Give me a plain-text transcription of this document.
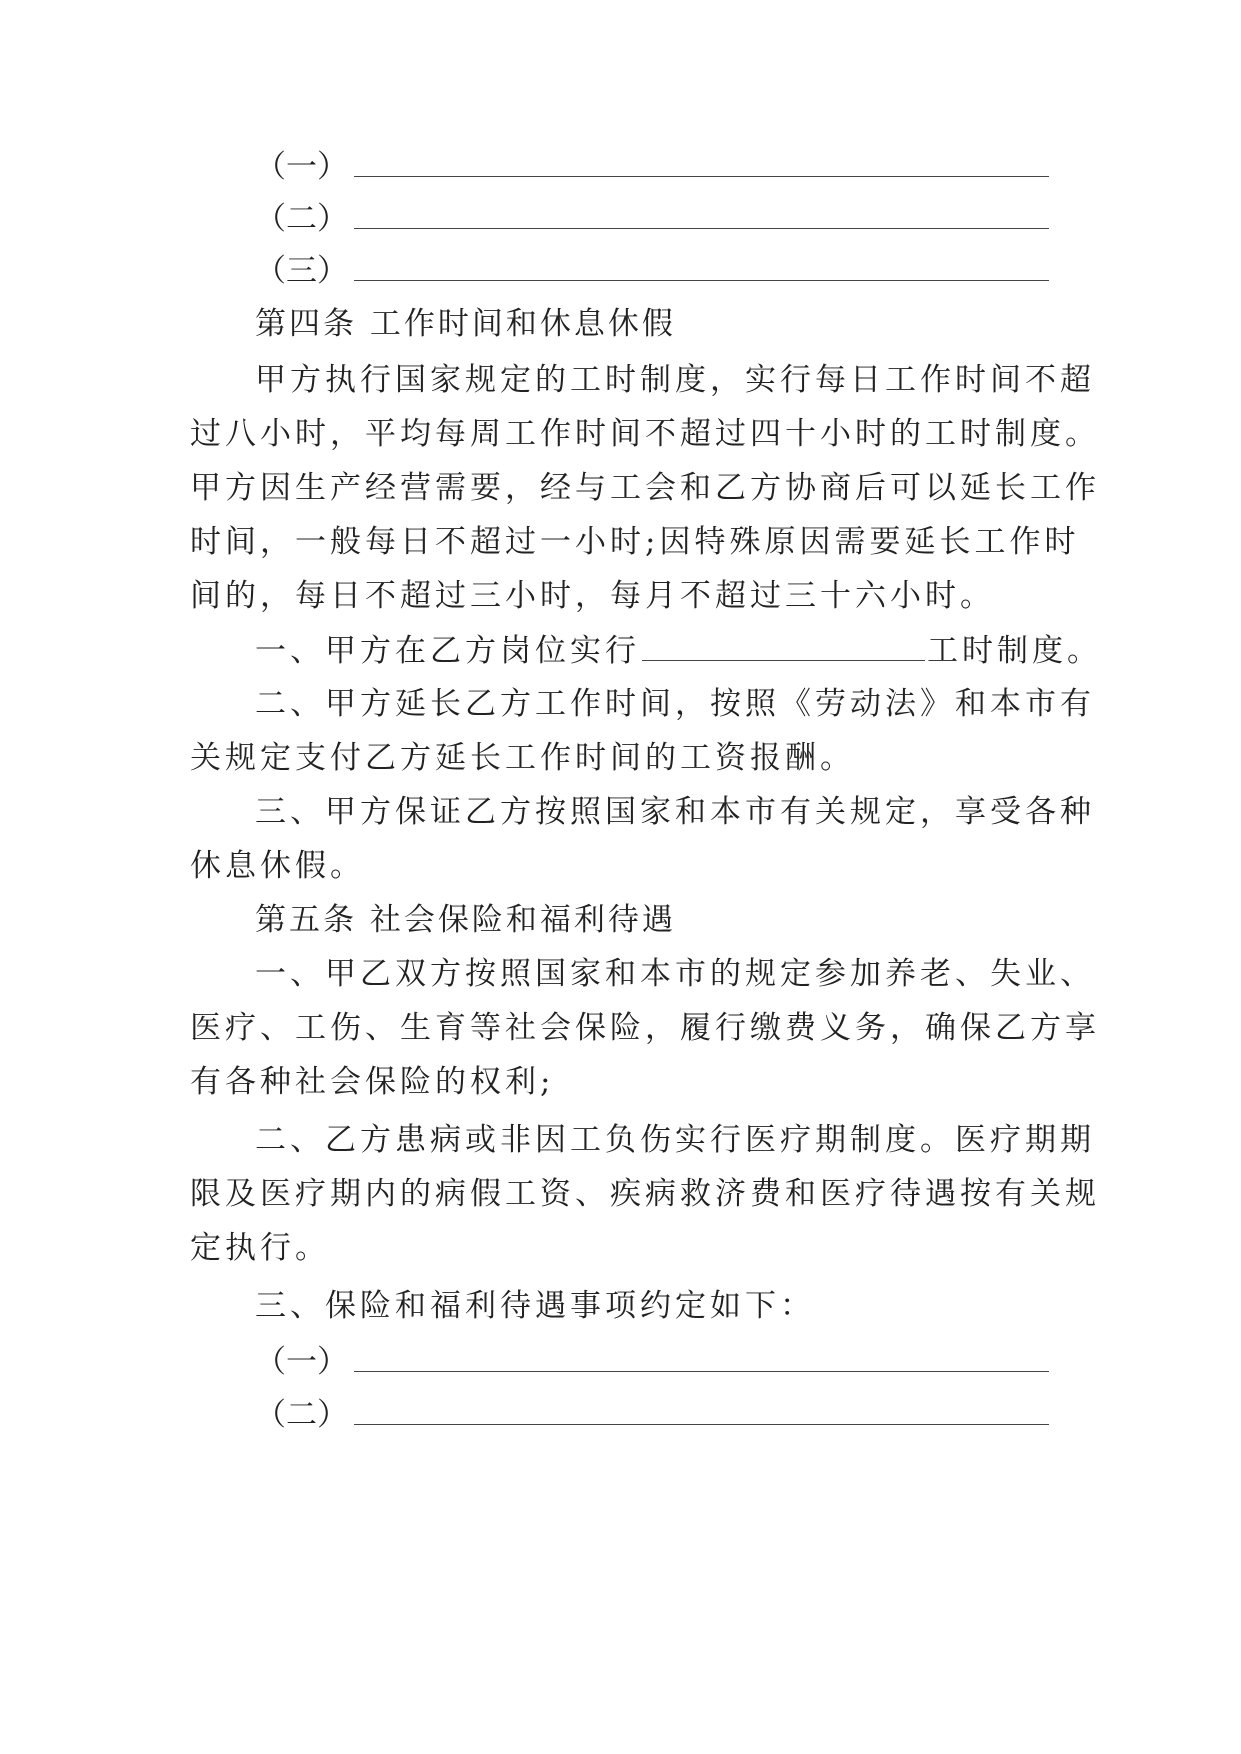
（一）
（二）
（三）
第四条 工作时间和休息休假
甲方执行国家规定的工时制度，实行每日工作时间不超
过八小时，平均每周工作时间不超过四十小时的工时制度。
甲方因生产经营需要，经与工会和乙方协商后可以延长工作
时间，一般每日不超过一小时;因特殊原因需要延长工作时
间的，每日不超过三小时，每月不超过三十六小时。
一、甲方在乙方岗位实行	工时制度。
二、甲方延长乙方工作时间，按照《劳动法》和本市有
关规定支付乙方延长工作时间的工资报酬。
三、甲方保证乙方按照国家和本市有关规定，享受各种
休息休假。
第五条 社会保险和福利待遇
一、甲乙双方按照国家和本市的规定参加养老、失业、
医疗、工伤、生育等社会保险，履行缴费义务，确保乙方享
有各种社会保险的权利;
二、乙方患病或非因工负伤实行医疗期制度。医疗期期
限及医疗期内的病假工资、疾病救济费和医疗待遇按有关规
定执行。
三、保险和福利待遇事项约定如下：
（一）
（二）
